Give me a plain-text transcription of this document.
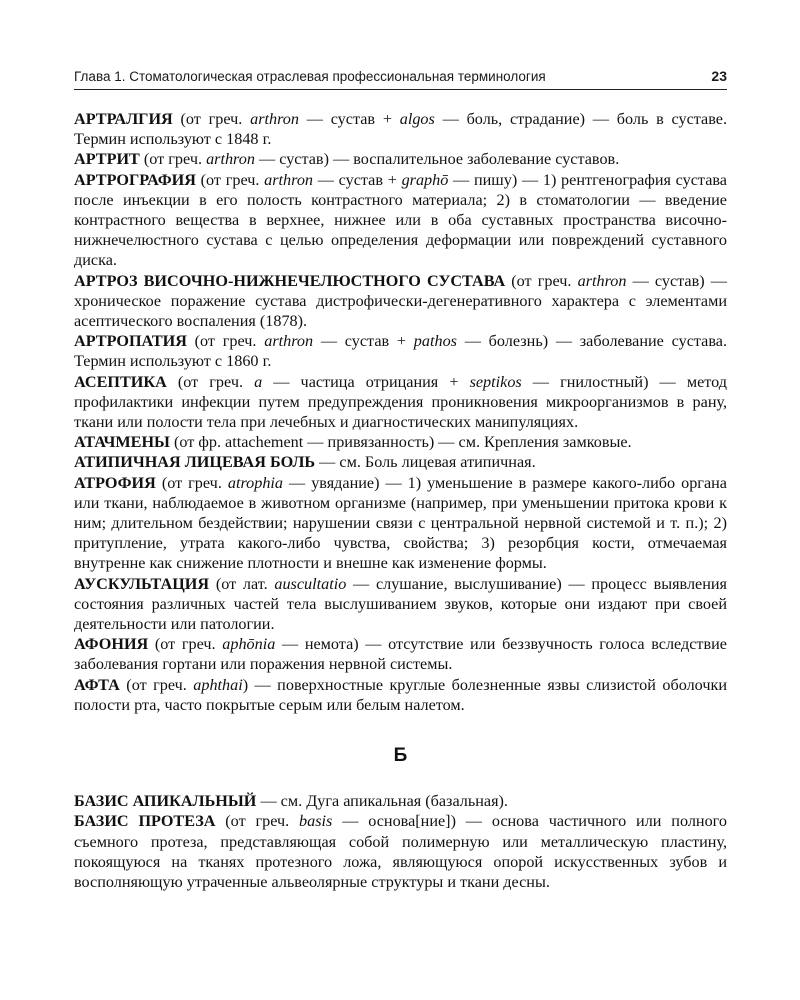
Глава 1. Стоматологическая отраслевая профессиональная терминология	23

АРТРАЛГИЯ (от греч. arthron — сустав + algos — боль, страдание) — боль в суставе. Термин используют с 1848 г.

АРТРИТ (от греч. arthron — сустав) — воспалительное заболевание суставов.

АРТРОГРАФИЯ (от греч. arthron — сустав + graphō — пишу) — 1) рентгенография сустава после инъекции в его полость контрастного материала; 2) в стоматологии — введение контрастного вещества в верхнее, нижнее или в оба суставных пространства височно-нижнечелюстного сустава с целью определения деформации или повреждений суставного диска.

АРТРОЗ ВИСОЧНО-НИЖНЕЧЕЛЮСТНОГО СУСТАВА (от греч. arthron — сустав) — хроническое поражение сустава дистрофически-дегенеративного характера с элементами асептического воспаления (1878).

АРТРОПАТИЯ (от греч. arthron — сустав + pathos — болезнь) — заболевание сустава. Термин используют с 1860 г.

АСЕПТИКА (от греч. a — частица отрицания + septikos — гнилостный) — метод профилактики инфекции путем предупреждения проникновения микроорганизмов в рану, ткани или полости тела при лечебных и диагностических манипуляциях.

АТАЧМЕНЫ (от фр. attachement — привязанность) — см. Крепления замковые.

АТИПИЧНАЯ ЛИЦЕВАЯ БОЛЬ — см. Боль лицевая атипичная.

АТРОФИЯ (от греч. atrophia — увядание) — 1) уменьшение в размере какого-либо органа или ткани, наблюдаемое в животном организме (например, при уменьшении притока крови к ним; длительном бездействии; нарушении связи с центральной нервной системой и т. п.); 2) притупление, утрата какого-либо чувства, свойства; 3) резорбция кости, отмечаемая внутренне как снижение плотности и внешне как изменение формы.

АУСКУЛЬТАЦИЯ (от лат. auscultatio — слушание, выслушивание) — процесс выявления состояния различных частей тела выслушиванием звуков, которые они издают при своей деятельности или патологии.

АФОНИЯ (от греч. aphōnia — немота) — отсутствие или беззвучность голоса вследствие заболевания гортани или поражения нервной системы.

АФТА (от греч. aphthai) — поверхностные круглые болезненные язвы слизистой оболочки полости рта, часто покрытые серым или белым налетом.

Б

БАЗИС АПИКАЛЬНЫЙ — см. Дуга апикальная (базальная).

БАЗИС ПРОТЕЗА (от греч. basis — основа[ние]) — основа частичного или полного съемного протеза, представляющая собой полимерную или металлическую пластину, покоящуюся на тканях протезного ложа, являющуюся опорой искусственных зубов и восполняющую утраченные альвеолярные структуры и ткани десны.
